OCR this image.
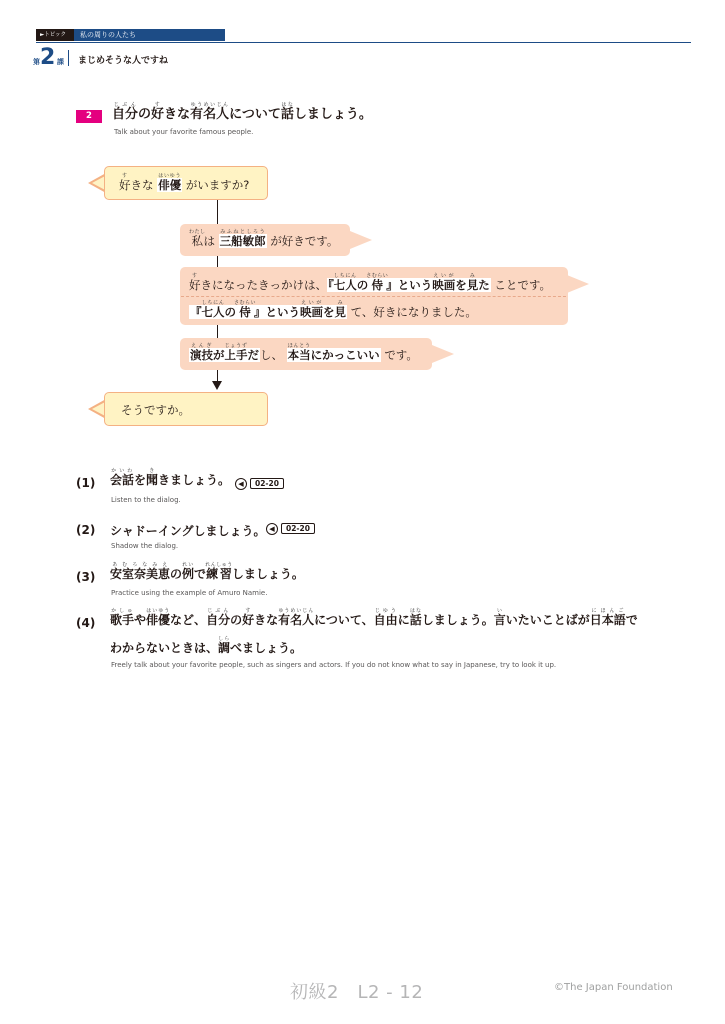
►トピック	私の周りの人たち
第 2 課 まじめそうな人ですね
2	自分じぶんの好すきな有名人ゆうめいじんについて話はなしましょう。
Talk about your favorite famous people.
好すきな 俳優はいゆう がいますか?
私わたしは 三船敏郎みふねとしろう が好きです。
好すきになったきっかけは、『七人しちにんの侍さむらい』という映画えいがを見みた ことです。
『七人しちにんの侍さむらい』という映画えいがを見み て、好きになりました。
演技えんぎが上手じょうずだし、 本当ほんとうにかっこいい です。
そうですか。
(1) 会話かいわを聞ききましょう。	◀	02-20
Listen to the dialog.
(2) シャドーイングしましょう。 ◀	02-20
Shadow the dialog.
(3) 安室奈美恵あむろなみえの例れいで練習れんしゅうしましょう。
Practice using the example of Amuro Namie.
(4) 歌手かしゅや俳優はいゆうなど、自分じぶんの好すきな有名人ゆうめいじんについて、自由じゆうに話はなしましょう。言いいたいことばが日本語にほんごで
わからないときは、調しらべましょう。
Freely talk about your favorite people, such as singers and actors. If you do not know what to say in Japanese, try to look it up.
初級2　L2 - 12	©The Japan Foundation
